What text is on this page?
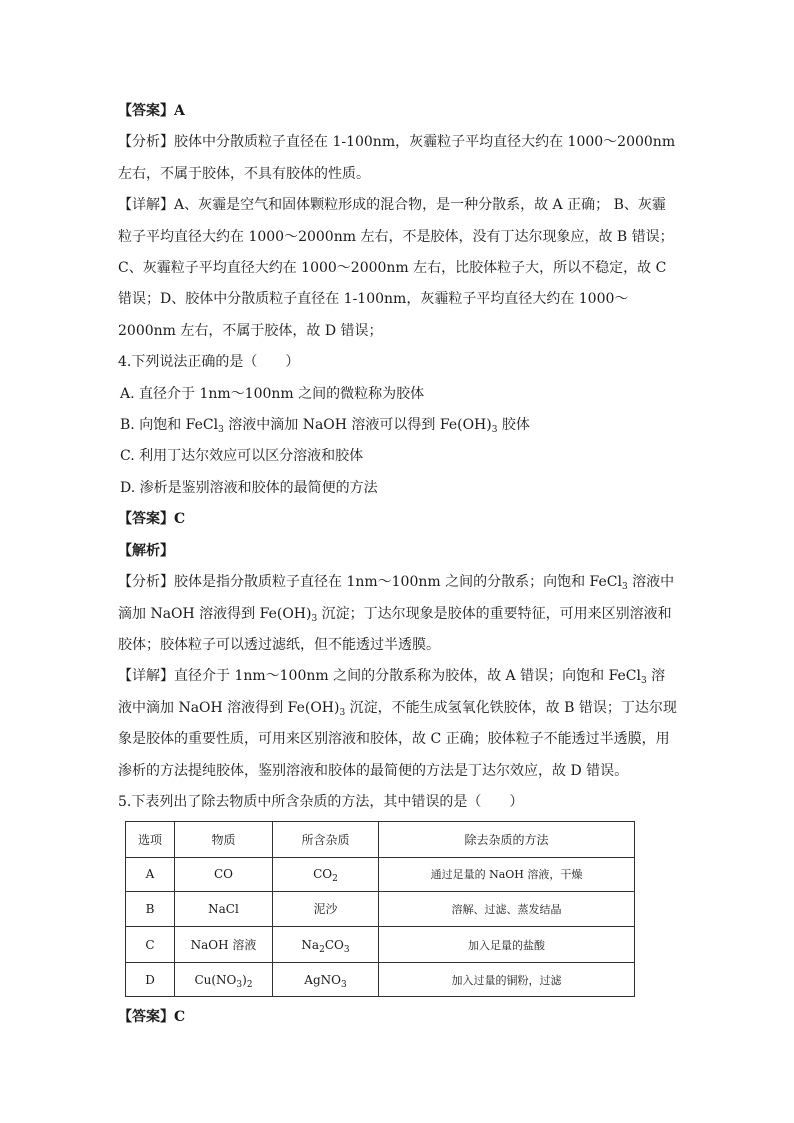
【答案】A
【分析】胶体中分散质粒子直径在 1-100nm，灰霾粒子平均直径大约在 1000～2000nm 左右，不属于胶体，不具有胶体的性质。
【详解】A、灰霾是空气和固体颗粒形成的混合物，是一种分散系，故 A 正确； B、灰霾粒子平均直径大约在 1000～2000nm 左右，不是胶体，没有丁达尔现象应，故 B 错误； C、灰霾粒子平均直径大约在 1000～2000nm 左右，比胶体粒子大，所以不稳定，故 C 错误；D、胶体中分散质粒子直径在 1-100nm，灰霾粒子平均直径大约在 1000～2000nm 左右，不属于胶体，故 D 错误；
4.下列说法正确的是（　　）
A. 直径介于 1nm～100nm 之间的微粒称为胶体
B. 向饱和 FeCl$_3$ 溶液中滴加 NaOH 溶液可以得到 $Fe(OH)_3$ 胶体
C. 利用丁达尔效应可以区分溶液和胶体
D. 渗析是鉴别溶液和胶体的最简便的方法
【答案】C
【解析】
【分析】胶体是指分散质粒子直径在 1nm～100nm 之间的分散系；向饱和 FeCl$_3$ 溶液中滴加 NaOH 溶液得到 $Fe(OH)_3$ 沉淀；丁达尔现象是胶体的重要特征，可用来区别溶液和胶体；胶体粒子可以透过滤纸，但不能透过半透膜。
【详解】直径介于 1nm～100nm 之间的分散系称为胶体，故 A 错误；向饱和 FeCl$_3$ 溶液中滴加 NaOH 溶液得到 $Fe(OH)_3$ 沉淀，不能生成氢氧化铁胶体，故 B 错误；丁达尔现象是胶体的重要性质，可用来区别溶液和胶体，故 C 正确；胶体粒子不能透过半透膜，用渗析的方法提纯胶体，鉴别溶液和胶体的最简便的方法是丁达尔效应，故 D 错误。
5.下表列出了除去物质中所含杂质的方法，其中错误的是（　　）
选项	物质	所含杂质	除去杂质的方法
A	CO	$CO_2$	通过足量的 NaOH 溶液，干燥
B	NaCl	泥沙	溶解、过滤、蒸发结晶
C	NaOH 溶液	$Na_2CO_3$	加入足量的盐酸
D	$Cu(NO_3)_2$	AgNO$_3$	加入过量的铜粉，过滤
【答案】C
